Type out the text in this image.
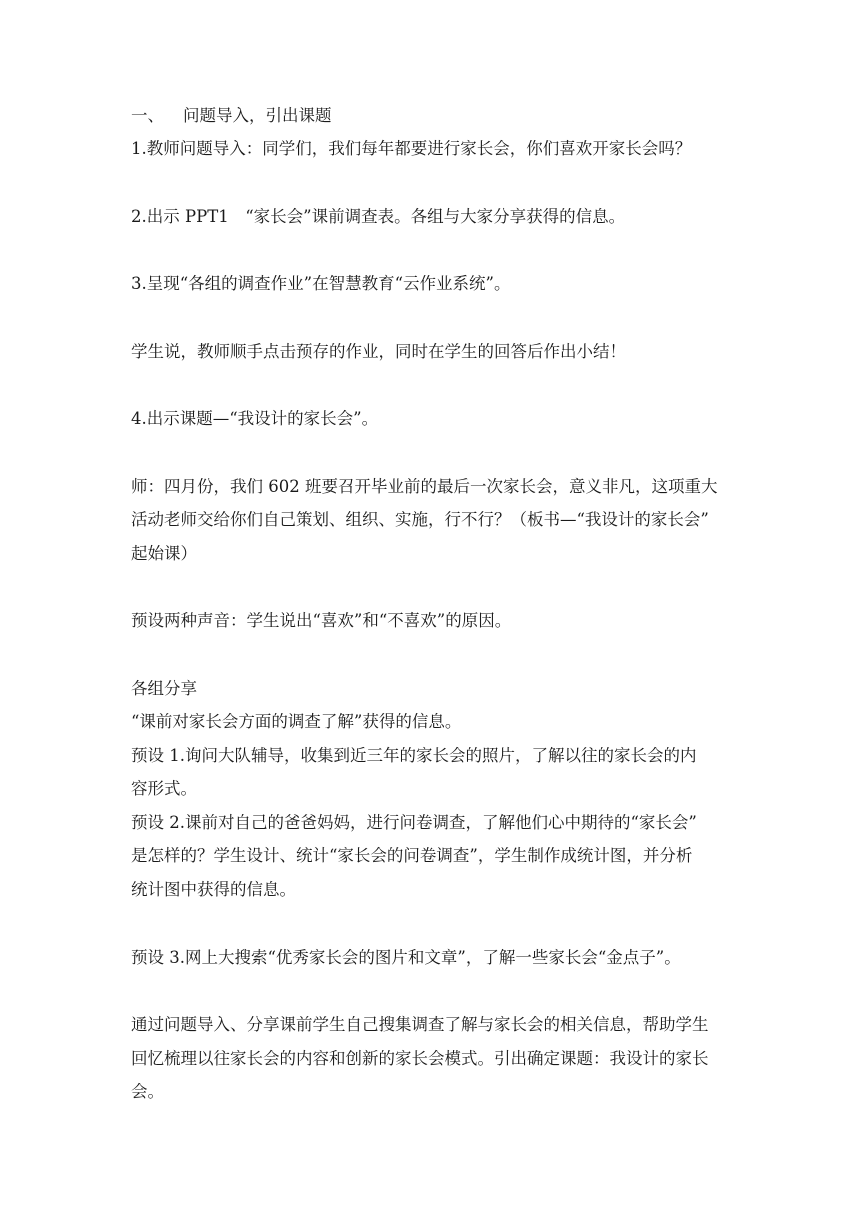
一、 问题导入，引出课题

1.教师问题导入：同学们，我们每年都要进行家长会，你们喜欢开家长会吗？

2.出示 PPT1　“家长会”课前调查表。各组与大家分享获得的信息。

3.呈现“各组的调查作业”在智慧教育“云作业系统”。

学生说，教师顺手点击预存的作业，同时在学生的回答后作出小结！

4.出示课题—“我设计的家长会”。

师：四月份，我们 602 班要召开毕业前的最后一次家长会，意义非凡，这项重大

活动老师交给你们自己策划、组织、实施，行不行？（板书—“我设计的家长会”

起始课）

预设两种声音：学生说出“喜欢”和“不喜欢”的原因。

各组分享

“课前对家长会方面的调查了解”获得的信息。

预设 1.询问大队辅导，收集到近三年的家长会的照片，了解以往的家长会的内

容形式。

预设 2.课前对自己的爸爸妈妈，进行问卷调查，了解他们心中期待的“家长会”

是怎样的？学生设计、统计“家长会的问卷调查”，学生制作成统计图，并分析

统计图中获得的信息。

预设 3.网上大搜索“优秀家长会的图片和文章”，了解一些家长会“金点子”。

通过问题导入、分享课前学生自己搜集调查了解与家长会的相关信息，帮助学生

回忆梳理以往家长会的内容和创新的家长会模式。引出确定课题：我设计的家长

会。
